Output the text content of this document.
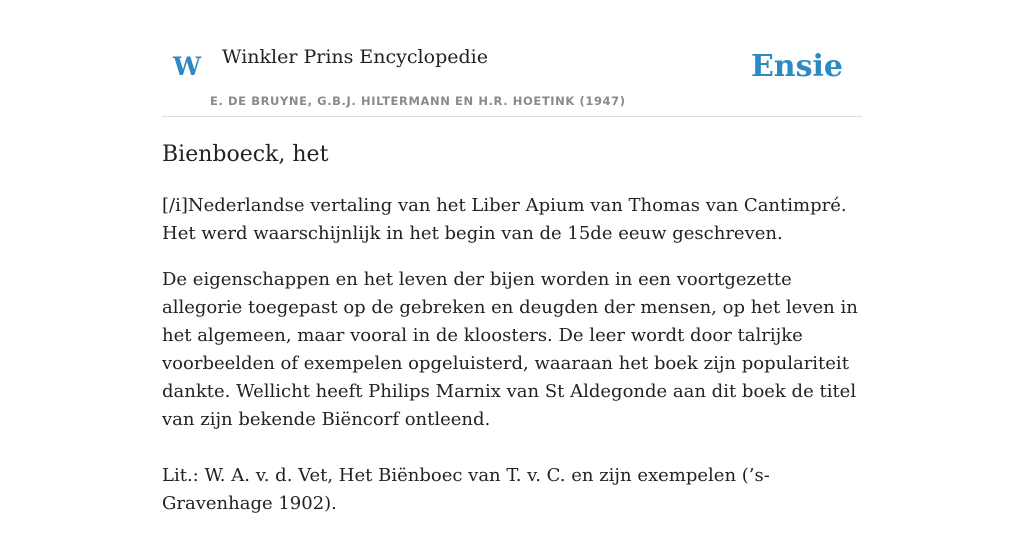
W Winkler Prins Encyclopedie
E. DE BRUYNE, G.B.J. HILTERMANN EN H.R. HOETINK (1947)
Ensie
Bienboeck, het

[/i]Nederlandse vertaling van het Liber Apium van Thomas van Cantimpré. Het werd waarschijnlijk in het begin van de 15de eeuw geschreven.

De eigenschappen en het leven der bijen worden in een voortgezette allegorie toegepast op de gebreken en deugden der mensen, op het leven in het algemeen, maar vooral in de kloosters. De leer wordt door talrijke voorbeelden of exempelen opgeluisterd, waaraan het boek zijn populariteit dankte. Wellicht heeft Philips Marnix van St Aldegonde aan dit boek de titel van zijn bekende Biëncorf ontleend.

Lit.: W. A. v. d. Vet, Het Biënboec van T. v. C. en zijn exempelen (’s-Gravenhage 1902).
